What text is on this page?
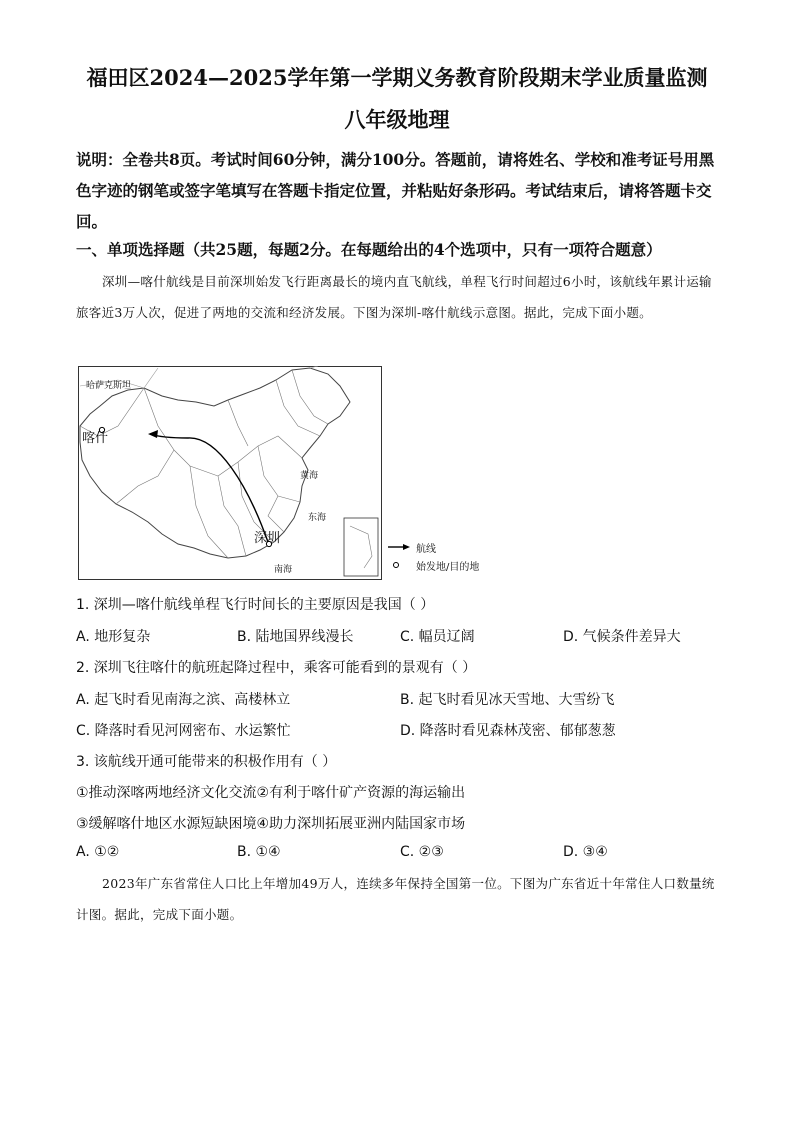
福田区2024—2025学年第一学期义务教育阶段期末学业质量监测
八年级地理
说明：全卷共8页。考试时间60分钟，满分100分。答题前，请将姓名、学校和准考证号用黑色字迹的钢笔或签字笔填写在答题卡指定位置，并粘贴好条形码。考试结束后，请将答题卡交回。
一、单项选择题（共25题，每题2分。在每题给出的4个选项中，只有一项符合题意）
深圳—喀什航线是目前深圳始发飞行距离最长的境内直飞航线，单程飞行时间超过6小时，该航线年累计运输旅客近3万人次，促进了两地的交流和经济发展。下图为深圳-喀什航线示意图。据此，完成下面小题。
哈萨克斯坦
喀什
深圳
黄海
东海
南海
航线
始发地/目的地
1. 深圳—喀什航线单程飞行时间长的主要原因是我国（ ）
A. 地形复杂	B. 陆地国界线漫长	C. 幅员辽阔	D. 气候条件差异大
2. 深圳飞往喀什的航班起降过程中，乘客可能看到的景观有（ ）
A. 起飞时看见南海之滨、高楼林立	B. 起飞时看见冰天雪地、大雪纷飞
C. 降落时看见河网密布、水运繁忙	D. 降落时看见森林茂密、郁郁葱葱
3. 该航线开通可能带来的积极作用有（ ）
①推动深喀两地经济文化交流②有利于喀什矿产资源的海运输出
③缓解喀什地区水源短缺困境④助力深圳拓展亚洲内陆国家市场
A. ①②	B. ①④	C. ②③	D. ③④
2023年广东省常住人口比上年增加49万人，连续多年保持全国第一位。下图为广东省近十年常住人口数量统计图。据此，完成下面小题。
